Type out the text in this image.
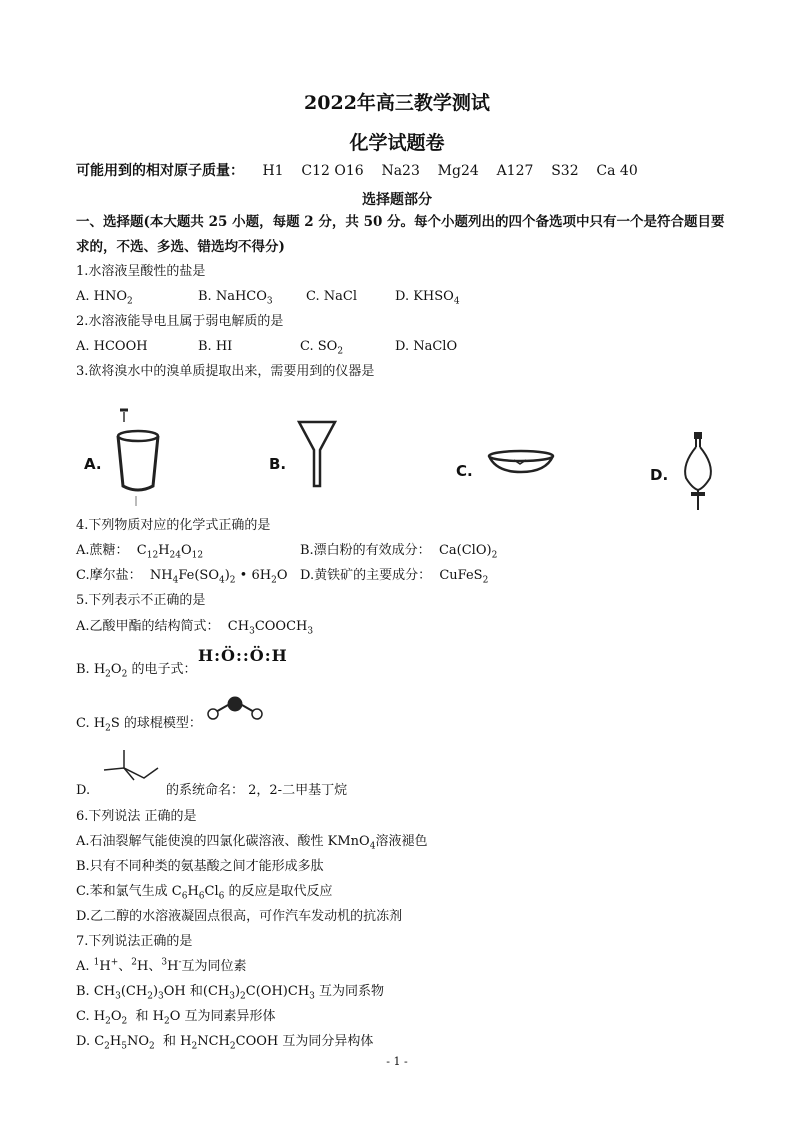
2022年高三教学测试
化学试题卷
可能用到的相对原子质量： H1    C12 O16    Na23    Mg24    A127    S32    Ca 40
选择题部分
一、选择题(本大题共 25 小题，每题 2 分，共 50 分。每个小题列出的四个备选项中只有一个是符合题目要
求的，不选、多选、错选均不得分)
1.水溶液呈酸性的盐是
A. $HNO_2$	B. NaHCO$_3$	C. NaCl	D. $KHSO_4$
2.水溶液能导电且属于弱电解质的是
A. HCOOH	B. HI	C. $SO_2$	D. NaClO
3.欲将溴水中的溴单质提取出来，需要用到的仪器是
A.	B.	C.	D.
4.下列物质对应的化学式正确的是
A.蔗糖：  $C_{12}H_{24}O_{12}$	B.漂白粉的有效成分：  $Ca(ClO)_2$
C.摩尔盐：  $NH_4Fe(SO_4)_2$ • $6H_2O$ D.黄铁矿的主要成分：  CuFeS$_2$
5.下列表示不正确的是
A.乙酸甲酯的结构简式：  $CH_3COOCH_3$
B. $H_2O_2$ 的电子式：
H:Ö::Ö:H
C. $H_2S$ 的球棍模型：
D.	的系统命名： 2，2-二甲基丁烷
6.下列说法 正确的是
A.石油裂解气能使溴的四氯化碳溶液、酸性 KMnO$_4$溶液褪色
B.只有不同种类的氨基酸之间才能形成多肽
C.苯和氯气生成 $C_6H_6Cl_6$ 的反应是取代反应
D.乙二醇的水溶液凝固点很高，可作汽车发动机的抗冻剂
7.下列说法正确的是
A. $^1$H+、$^2$H、$^3$H-互为同位素
B. $CH_3(CH_2)_3OH$ 和$(CH_3)_2C(OH)CH_3$ 互为同系物
C. $H_2O_2$  和 $H_2O$ 互为同素异形体
D. $C_2H_5NO_2$  和 $H_2NCH_2COOH$ 互为同分异构体
- 1 -
